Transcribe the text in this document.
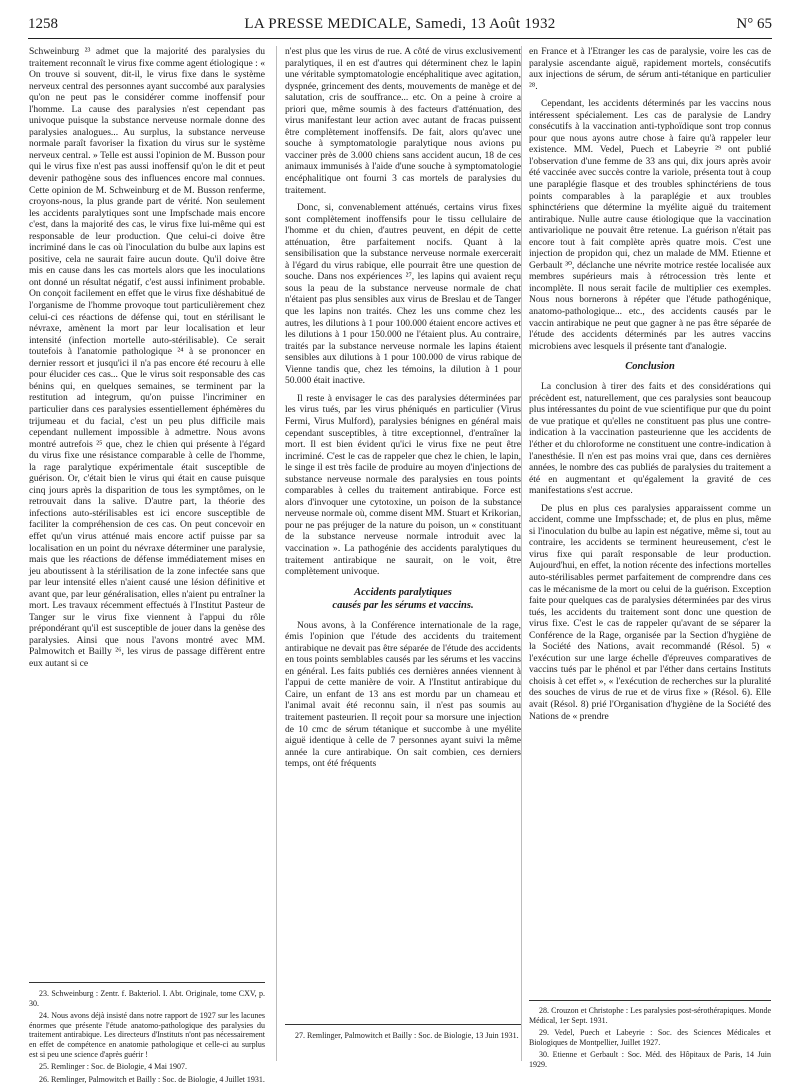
1258	LA PRESSE MEDICALE, Samedi, 13 Août 1932	N° 65

Schweinburg ²³ admet que la majorité des paralysies du traitement reconnaît le virus fixe comme agent étiologique : « On trouve si souvent, dit-il, le virus fixe dans le système nerveux central des personnes ayant succombé aux paralysies qu'on ne peut pas le considérer comme inoffensif pour l'homme. La cause des paralysies n'est cependant pas univoque puisque la substance nerveuse normale donne des paralysies analogues... Au surplus, la substance nerveuse normale paraît favoriser la fixation du virus sur le système nerveux central. » Telle est aussi l'opinion de M. Busson pour qui le virus fixe n'est pas aussi inoffensif qu'on le dit et peut devenir pathogène sous des influences encore mal connues. Cette opinion de M. Schweinburg et de M. Busson renferme, croyons-nous, la plus grande part de vérité. Non seulement les accidents paralytiques sont une Impfschade mais encore c'est, dans la majorité des cas, le virus fixe lui-même qui est responsable de leur production. Que celui-ci doive être incriminé dans le cas où l'inoculation du bulbe aux lapins est positive, cela ne saurait faire aucun doute. Qu'il doive être mis en cause dans les cas mortels alors que les inoculations ont donné un résultat négatif, c'est aussi infiniment probable. On conçoit facilement en effet que le virus fixe déshabitué de l'organisme de l'homme provoque tout particulièrement chez celui-ci ces réactions de défense qui, tout en stérilisant le névraxe, amènent la mort par leur localisation et leur intensité (infection mortelle auto-stérilisable). Ce serait toutefois à l'anatomie pathologique ²⁴ à se prononcer en dernier ressort et jusqu'ici il n'a pas encore été recouru à elle pour élucider ces cas... Que le virus soit responsable des cas bénins qui, en quelques semaines, se terminent par la restitution ad integrum, qu'on puisse l'incriminer en particulier dans ces paralysies essentiellement éphémères du trijumeau et du facial, c'est un peu plus difficile mais cependant nullement impossible à admettre. Nous avons montré autrefois ²⁵ que, chez le chien qui présente à l'égard du virus fixe une résistance comparable à celle de l'homme, la rage paralytique expérimentale était susceptible de guérison. Or, c'était bien le virus qui était en cause puisque cinq jours après la disparition de tous les symptômes, on le retrouvait dans la salive. D'autre part, la théorie des infections auto-stérilisables est ici encore susceptible de faciliter la compréhension de ces cas. On peut concevoir en effet qu'un virus atténué mais encore actif puisse par sa localisation en un point du névraxe déterminer une paralysie, mais que les réactions de défense immédiatement mises en jeu aboutissent à la stérilisation de la zone infectée sans que par leur intensité elles n'aient causé une lésion définitive et avant que, par leur généralisation, elles n'aient pu entraîner la mort. Les travaux récemment effectués à l'Institut Pasteur de Tanger sur le virus fixe viennent à l'appui du rôle prépondérant qu'il est susceptible de jouer dans la genèse des paralysies. Ainsi que nous l'avons montré avec MM. Palmowitch et Bailly ²⁶, les virus de passage diffèrent entre eux autant si ce

23. Schweinburg : Zentr. f. Bakteriol. I. Abt. Originale, tome CXV, p. 30.

24. Nous avons déjà insisté dans notre rapport de 1927 sur les lacunes énormes que présente l'étude anatomo-pathologique des paralysies du traitement antirabique. Les directeurs d'Instituts n'ont pas nécessairement en effet de compétence en anatomie pathologique et celle-ci au surplus est si peu une science d'après guérir !

25. Remlinger : Soc. de Biologie, 4 Mai 1907.

26. Remlinger, Palmowitch et Bailly : Soc. de Biologie, 4 Juillet 1931.

n'est plus que les virus de rue. A côté de virus exclusivement paralytiques, il en est d'autres qui déterminent chez le lapin une véritable symptomatologie encéphalitique avec agitation, dyspnée, grincement des dents, mouvements de manège et de salutation, cris de souffrance... etc. On a peine à croire a priori que, même soumis à des facteurs d'atténuation, des virus manifestant leur action avec autant de fracas puissent être complètement inoffensifs. De fait, alors qu'avec une souche à symptomatologie paralytique nous avions pu vacciner près de 3.000 chiens sans accident aucun, 18 de ces animaux immunisés à l'aide d'une souche à symptomatologie encéphalitique ont fourni 3 cas mortels de paralysies du traitement.

Donc, si, convenablement atténués, certains virus fixes sont complètement inoffensifs pour le tissu cellulaire de l'homme et du chien, d'autres peuvent, en dépit de cette atténuation, être parfaitement nocifs. Quant à la sensibilisation que la substance nerveuse normale exercerait à l'égard du virus rabique, elle pourrait être une question de souche. Dans nos expériences ²⁷, les lapins qui avaient reçu sous la peau de la substance nerveuse normale de chat n'étaient pas plus sensibles aux virus de Breslau et de Tanger que les lapins non traités. Chez les uns comme chez les autres, les dilutions à 1 pour 100.000 étaient encore actives et les dilutions à 1 pour 150.000 ne l'étaient plus. Au contraire, traités par la substance nerveuse normale les lapins étaient sensibles aux dilutions à 1 pour 100.000 de virus rabique de Vienne tandis que, chez les témoins, la dilution à 1 pour 50.000 était inactive.

Il reste à envisager le cas des paralysies déterminées par les virus tués, par les virus phéniqués en particulier (Virus Fermi, Virus Mulford), paralysies bénignes en général mais cependant susceptibles, à titre exceptionnel, d'entraîner la mort. Il est bien évident qu'ici le virus fixe ne peut être incriminé. C'est le cas de rappeler que chez le chien, le lapin, le singe il est très facile de produire au moyen d'injections de substance nerveuse normale des paralysies en tous points comparables à celles du traitement antirabique. Force est alors d'invoquer une cytotoxine, un poison de la substance nerveuse normale où, comme disent MM. Stuart et Krikorian, pour ne pas préjuger de la nature du poison, un « constituant de la substance nerveuse normale introduit avec la vaccination ». La pathogénie des accidents paralytiques du traitement antirabique ne saurait, on le voit, être complètement univoque.

Accidents paralytiques
causés par les sérums et vaccins.

Nous avons, à la Conférence internationale de la rage, émis l'opinion que l'étude des accidents du traitement antirabique ne devait pas être séparée de l'étude des accidents en tous points semblables causés par les sérums et les vaccins en général. Les faits publiés ces dernières années viennent à l'appui de cette manière de voir. A l'Institut antirabique du Caire, un enfant de 13 ans est mordu par un chameau et l'animal avait été reconnu sain, il n'est pas soumis au traitement pasteurien. Il reçoit pour sa morsure une injection de 10 cmc de sérum tétanique et succombe à une myélite aiguë identique à celle de 7 personnes ayant suivi la même année la cure antirabique. On sait combien, ces derniers temps, ont été fréquents

27. Remlinger, Palmowitch et Bailly : Soc. de Biologie, 13 Juin 1931.

en France et à l'Etranger les cas de paralysie, voire les cas de paralysie ascendante aiguë, rapidement mortels, consécutifs aux injections de sérum, de sérum anti-tétanique en particulier ²⁸.

Cependant, les accidents déterminés par les vaccins nous intéressent spécialement. Les cas de paralysie de Landry consécutifs à la vaccination anti-typhoïdique sont trop connus pour que nous ayons autre chose à faire qu'à rappeler leur existence. MM. Vedel, Puech et Labeyrie ²⁹ ont publié l'observation d'une femme de 33 ans qui, dix jours après avoir été vaccinée avec succès contre la variole, présenta tout à coup une paraplégie flasque et des troubles sphinctériens de tous points comparables à la paraplégie et aux troubles sphinctériens que détermine la myélite aiguë du traitement antirabique. Nulle autre cause étiologique que la vaccination antivariolique ne pouvait être retenue. La guérison n'était pas encore tout à fait complète après quatre mois. C'est une injection de propidon qui, chez un malade de MM. Etienne et Gerbault ³⁰, déclanche une névrite motrice restée localisée aux membres supérieurs mais à rétrocession très lente et incomplète. Il nous serait facile de multiplier ces exemples. Nous nous bornerons à répéter que l'étude pathogénique, anatomo-pathologique... etc., des accidents causés par le vaccin antirabique ne peut que gagner à ne pas être séparée de l'étude des accidents déterminés par les autres vaccins microbiens avec lesquels il présente tant d'analogie.

Conclusion

La conclusion à tirer des faits et des considérations qui précèdent est, naturellement, que ces paralysies sont beaucoup plus intéressantes du point de vue scientifique pur que du point de vue pratique et qu'elles ne constituent pas plus une contre-indication à la vaccination pasteurienne que les accidents de l'éther et du chloroforme ne constituent une contre-indication à l'anesthésie. Il n'en est pas moins vrai que, dans ces dernières années, le nombre des cas publiés de paralysies du traitement a été en augmentant et qu'également la gravité de ces manifestations s'est accrue.

De plus en plus ces paralysies apparaissent comme un accident, comme une Impfsschade; et, de plus en plus, même si l'inoculation du bulbe au lapin est négative, même si, tout au contraire, les accidents se terminent heureusement, c'est le virus fixe qui paraît responsable de leur production. Aujourd'hui, en effet, la notion récente des infections mortelles auto-stérilisables permet parfaitement de comprendre dans ces cas le mécanisme de la mort ou celui de la guérison. Exception faite pour quelques cas de paralysies déterminées par des virus tués, les accidents du traitement sont donc une question de virus fixe. C'est le cas de rappeler qu'avant de se séparer la Conférence de la Rage, organisée par la Section d'hygiène de la Société des Nations, avait recommandé (Résol. 5) « l'exécution sur une large échelle d'épreuves comparatives de vaccins tués par le phénol et par l'éther dans certains Instituts choisis à cet effet », « l'exécution de recherches sur la pluralité des souches de virus de rue et de virus fixe » (Résol. 6). Elle avait (Résol. 8) prié l'Organisation d'hygiène de la Société des Nations de « prendre

28. Crouzon et Christophe : Les paralysies post-sérothérapiques. Monde Médical, 1er Sept. 1931.

29. Vedel, Puech et Labeyrie : Soc. des Sciences Médicales et Biologiques de Montpellier, Juillet 1927.

30. Etienne et Gerbault : Soc. Méd. des Hôpitaux de Paris, 14 Juin 1929.
